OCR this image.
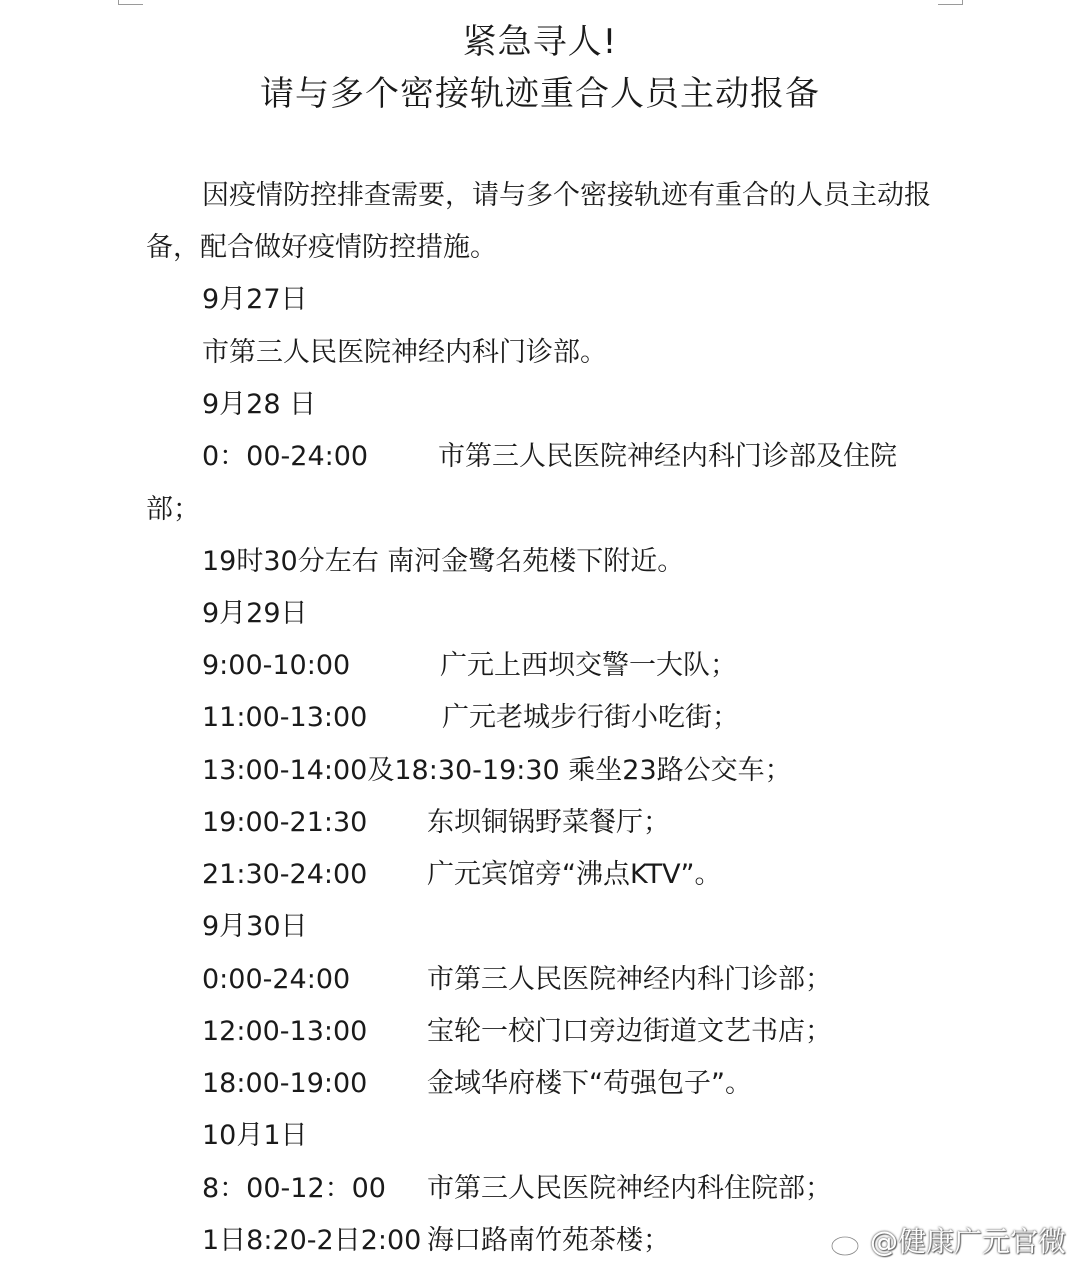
紧急寻人!
请与多个密接轨迹重合人员主动报备
因疫情防控排查需要，请与多个密接轨迹有重合的人员主动报备，配合做好疫情防控措施。
9月27日
市第三人民医院神经内科门诊部。
9月28 日
0：00-24:00	市第三人民医院神经内科门诊部及住院
部；
19时30分左右 南河金鹭名苑楼下附近。
9月29日
9:00-10:00	广元上西坝交警一大队；
11:00-13:00	广元老城步行街小吃街；
13:00-14:00及18:30-19:30 乘坐23路公交车；
19:00-21:30 东坝铜锅野菜餐厅；
21:30-24:00 广元宾馆旁“沸点KTV”。
9月30日
0:00-24:00	市第三人民医院神经内科门诊部；
12:00-13:00 宝轮一校门口旁边街道文艺书店；
18:00-19:00 金域华府楼下“苟强包子”。
10月1日
8：00-12：00 市第三人民医院神经内科住院部；
1日8:20-2日2:00 海口路南竹苑茶楼；	@健康广元官微
